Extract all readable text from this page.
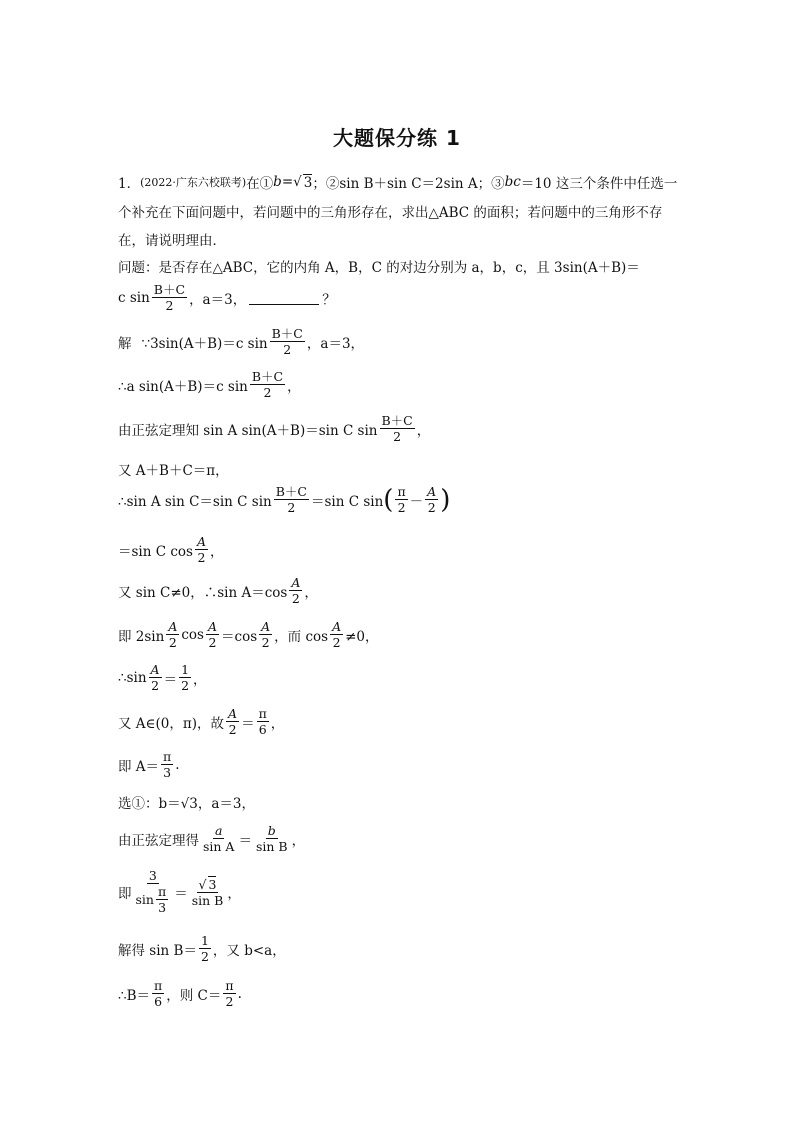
大题保分练 1
1． (2022·广东六校联考) 在① b = √ 3 ；②sin B＋sin C＝2sin A；③ bc ＝10 这三个条件中任选一
个补充在下面问题中，若问题中的三角形存在，求出△ABC 的面积；若问题中的三角形不存
在，请说明理由．
问题：是否存在△ABC，它的内角 A，B，C 的对边分别为 a，b，c，且 3sin(A＋B)＝
c $\sin \frac{B+C}{2}$ ，a＝3，	？
解 ∵3sin(A＋B)＝c $\sin \frac{B+C}{2}$ ，a＝3，
∴a sin(A＋B)＝c $\sin \frac{B+C}{2}$ ，
由正弦定理知 sin A sin(A＋B)＝sin C $\sin \frac{B+C}{2}$ ，
又 A＋B＋C＝π，
∴sin A sin C＝sin C $\sin \frac{B+C}{2} =\sin$ C sin ( $\frac{\pi}{2} - \frac{A}{2}$ )
＝sin C $\cos \frac{A}{2}$ ，
又 sin C≠0，∴sin $A=\cos \frac{A}{2}$ ，
即 $2\sin \frac{A}{2}$ $\cos \frac{A}{2} =\cos \frac{A}{2}$ ，而 $\cos \frac{A}{2} \ne 0$，
∴sin $\frac{A}{2} = \frac{1}{2}$ ，
又 A∈(0，π)，故 $\frac{A}{2} = \frac{\pi}{6}$ ，
即 $A= \frac{\pi}{3}$ .
选①：b＝√3，a＝3，
由正弦定理得 $\frac{a}{\text{sin A}} = \frac{b}{\text{sin B}}$ ，
即 $\frac{3}{\sin \frac{\pi}{3}} = \frac{√ 3}{\text{sin B}}$ ，
解得 $\sin B= \frac{1}{2}$ ，又 b<a，
∴B＝ $\frac{\pi}{6}$ ，则 $C= \frac{\pi}{2}$ .
